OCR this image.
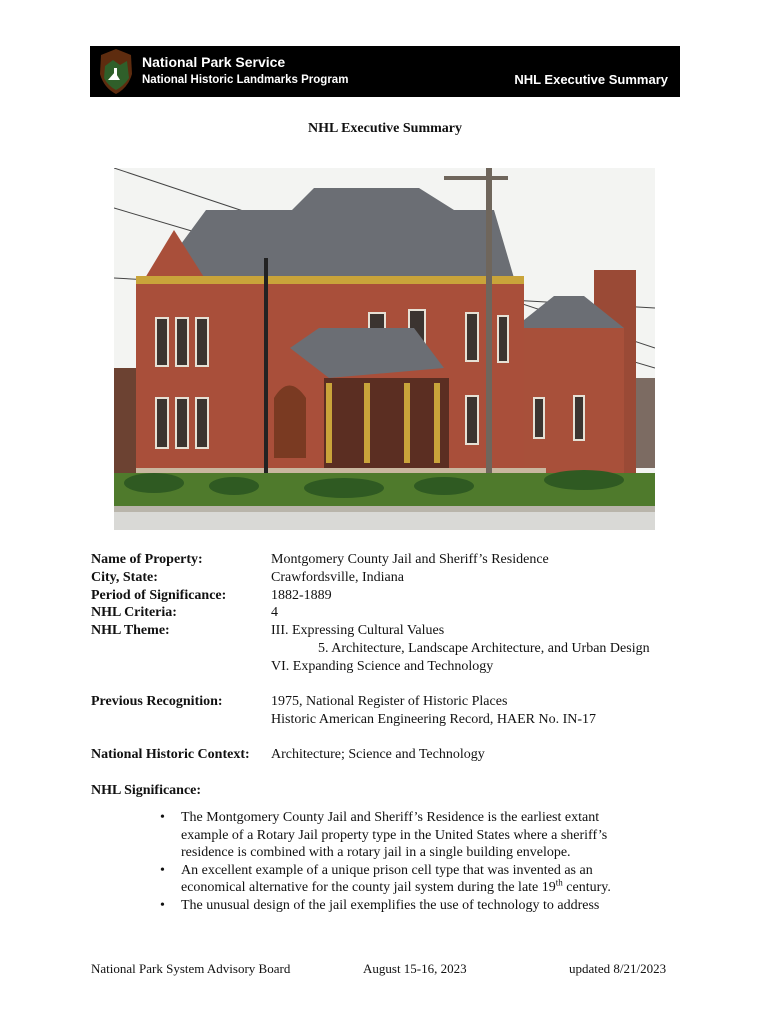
National Park Service
National Historic Landmarks Program	NHL Executive Summary
NHL Executive Summary
Name of Property:	Montgomery County Jail and Sheriff’s Residence
City, State:	Crawfordsville, Indiana
Period of Significance:	1882-1889
NHL Criteria:	4
NHL Theme:	III. Expressing Cultural Values
5. Architecture, Landscape Architecture, and Urban Design
VI. Expanding Science and Technology
Previous Recognition:	1975, National Register of Historic Places
Historic American Engineering Record, HAER No. IN-17
National Historic Context: Architecture; Science and Technology
NHL Significance:
• The Montgomery County Jail and Sheriff’s Residence is the earliest extant
example of a Rotary Jail property type in the United States where a sheriff’s
residence is combined with a rotary jail in a single building envelope.
• An excellent example of a unique prison cell type that was invented as an
economical alternative for the county jail system during the late 19th century.
• The unusual design of the jail exemplifies the use of technology to address
National Park System Advisory Board	August 15-16, 2023	updated 8/21/2023
